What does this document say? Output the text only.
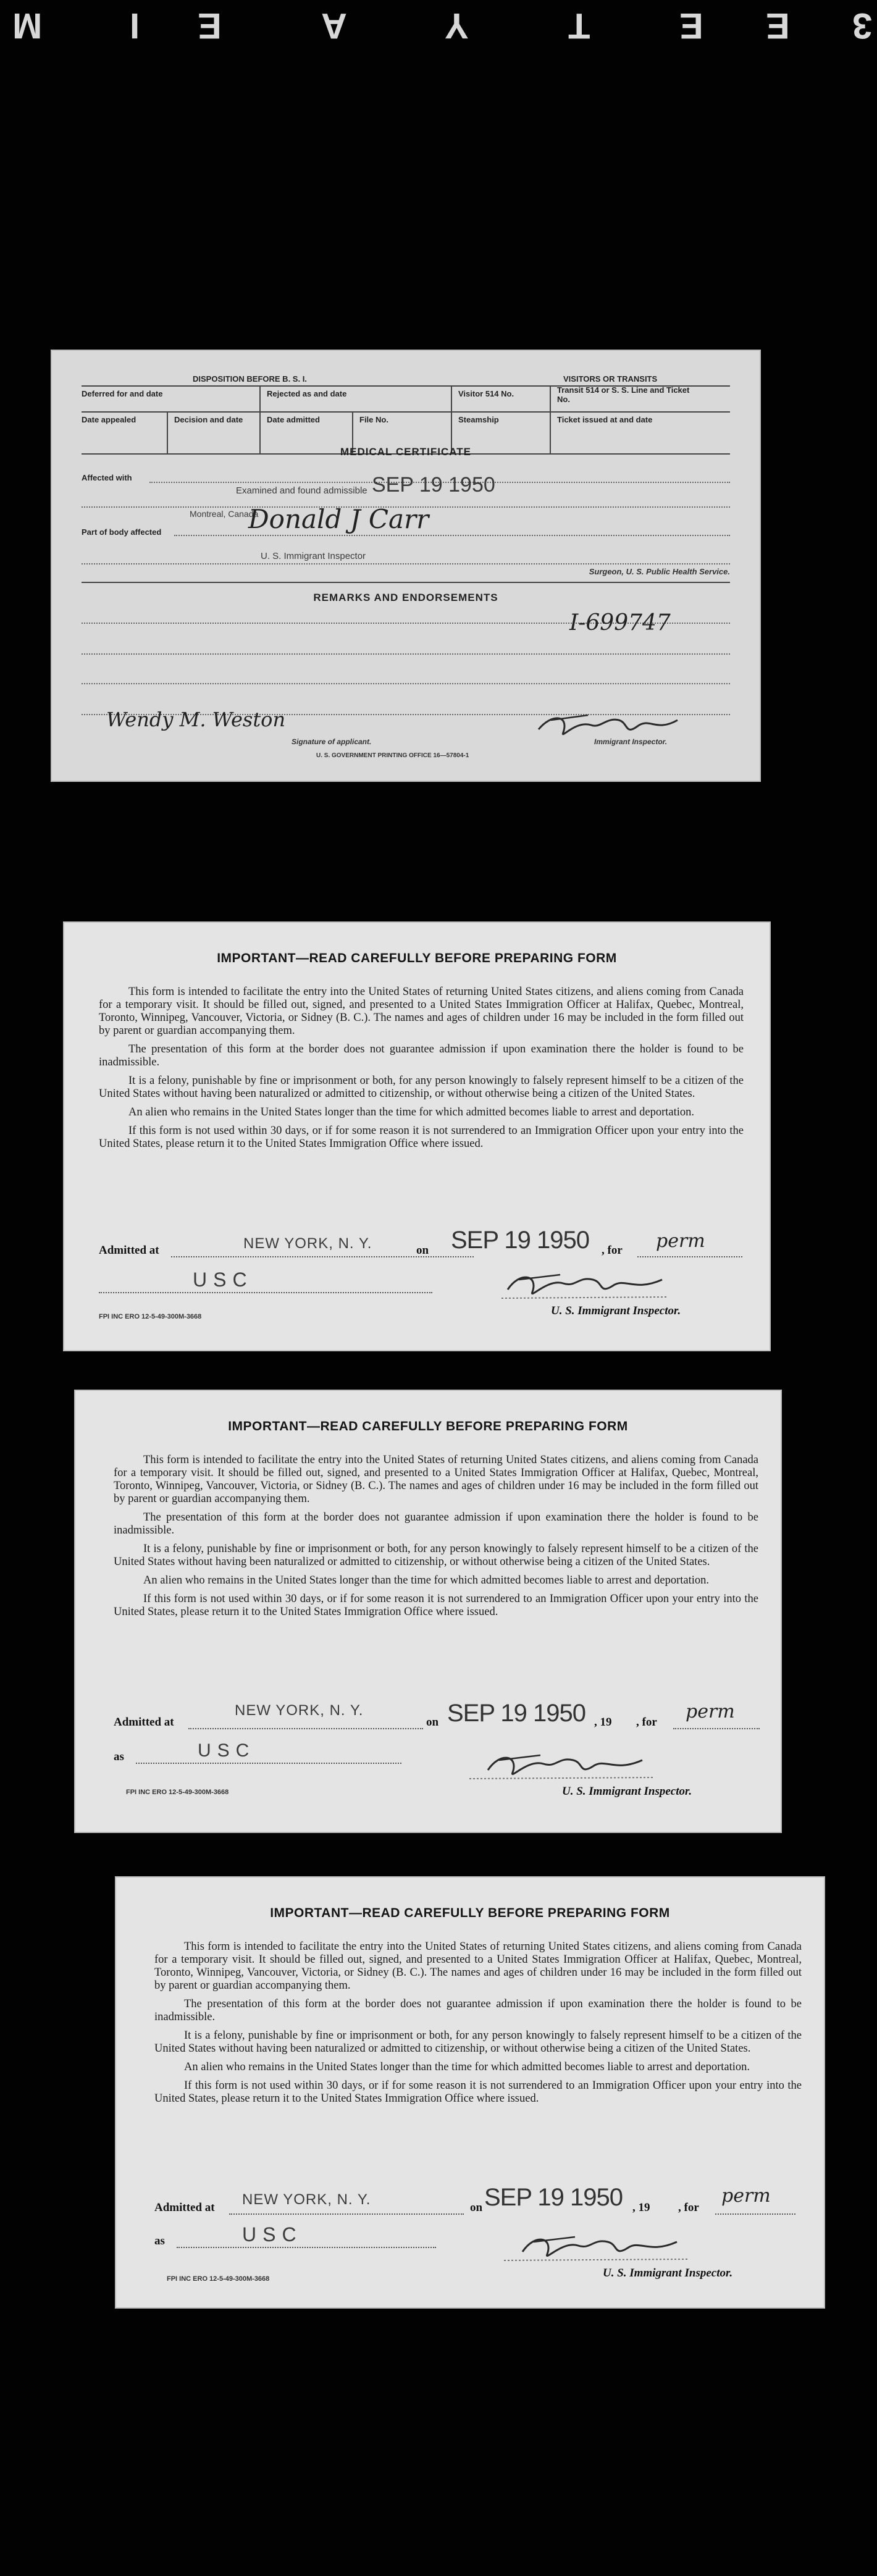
3
E
E
T
Y
A
E
I
M
DISPOSITION BEFORE B. S. I.	VISITORS OR TRANSITS
Deferred for and date	Rejected as and date	Visitor 514 No.	Transit 514 or S. S. Line and Ticket No.
Date appealed	Decision and date	Date admitted	File No.	Steamship	Ticket issued at and date
MEDICAL CERTIFICATE
Affected with
Examined and found admissible SEP 19 1950
Montreal, Canada
Donald J Carr
U. S. Immigrant Inspector
Part of body affected
Surgeon, U. S. Public Health Service.
REMARKS AND ENDORSEMENTS
I-699747
Wendy M. Weston
Signature of applicant.	Immigrant Inspector.
U. S. GOVERNMENT PRINTING OFFICE 16—57804-1
IMPORTANT—READ CAREFULLY BEFORE PREPARING FORM

This form is intended to facilitate the entry into the United States of returning United States citizens, and aliens coming from Canada for a temporary visit. It should be filled out, signed, and presented to a United States Immigration Officer at Halifax, Quebec, Montreal, Toronto, Winnipeg, Vancouver, Victoria, or Sidney (B. C.). The names and ages of children under 16 may be included in the form filled out by parent or guardian accompanying them.

The presentation of this form at the border does not guarantee admission if upon examination there the holder is found to be inadmissible.

It is a felony, punishable by fine or imprisonment or both, for any person knowingly to falsely represent himself to be a citizen of the United States without having been naturalized or admitted to citizenship, or without otherwise being a citizen of the United States.

An alien who remains in the United States longer than the time for which admitted becomes liable to arrest and deportation.

If this form is not used within 30 days, or if for some reason it is not surrendered to an Immigration Officer upon your entry into the United States, please return it to the United States Immigration Office where issued.

Admitted at	NEW YORK, N. Y.	on SEP 19 1950 , for perm
USC
U. S. Immigrant Inspector.
FPI INC ERO 12-5-49-300M-3668
IMPORTANT—READ CAREFULLY BEFORE PREPARING FORM

This form is intended to facilitate the entry into the United States of returning United States citizens, and aliens coming from Canada for a temporary visit. It should be filled out, signed, and presented to a United States Immigration Officer at Halifax, Quebec, Montreal, Toronto, Winnipeg, Vancouver, Victoria, or Sidney (B. C.). The names and ages of children under 16 may be included in the form filled out by parent or guardian accompanying them.

The presentation of this form at the border does not guarantee admission if upon examination there the holder is found to be inadmissible.

It is a felony, punishable by fine or imprisonment or both, for any person knowingly to falsely represent himself to be a citizen of the United States without having been naturalized or admitted to citizenship, or without otherwise being a citizen of the United States.

An alien who remains in the United States longer than the time for which admitted becomes liable to arrest and deportation.

If this form is not used within 30 days, or if for some reason it is not surrendered to an Immigration Officer upon your entry into the United States, please return it to the United States Immigration Office where issued.

Admitted at
NEW YORK, N. Y.
on SEP 19 1950 , 19 , for perm
as	USC
U. S. Immigrant Inspector.
FPI INC ERO 12-5-49-300M-3668
IMPORTANT—READ CAREFULLY BEFORE PREPARING FORM

This form is intended to facilitate the entry into the United States of returning United States citizens, and aliens coming from Canada for a temporary visit. It should be filled out, signed, and presented to a United States Immigration Officer at Halifax, Quebec, Montreal, Toronto, Winnipeg, Vancouver, Victoria, or Sidney (B. C.). The names and ages of children under 16 may be included in the form filled out by parent or guardian accompanying them.

The presentation of this form at the border does not guarantee admission if upon examination there the holder is found to be inadmissible.

It is a felony, punishable by fine or imprisonment or both, for any person knowingly to falsely represent himself to be a citizen of the United States without having been naturalized or admitted to citizenship, or without otherwise being a citizen of the United States.

An alien who remains in the United States longer than the time for which admitted becomes liable to arrest and deportation.

If this form is not used within 30 days, or if for some reason it is not surrendered to an Immigration Officer upon your entry into the United States, please return it to the United States Immigration Office where issued.

Admitted at NEW YORK, N. Y.	on SEP 19 1950 , 19 , for
perm
as	USC
U. S. Immigrant Inspector.
FPI INC ERO 12-5-49-300M-3668
